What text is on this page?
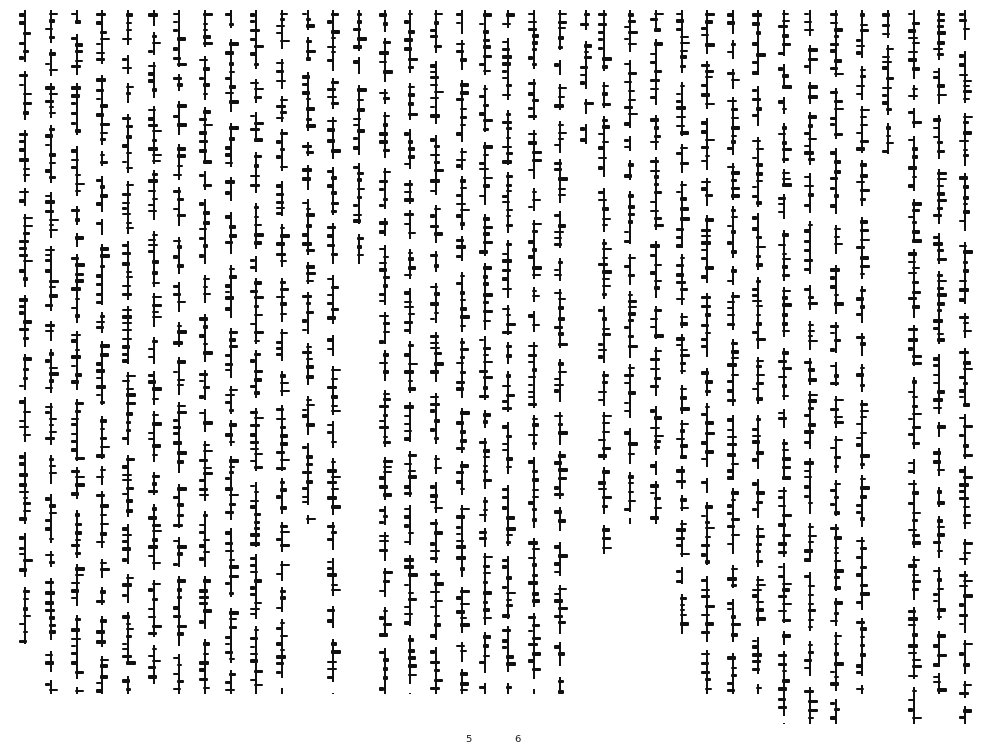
5	6
